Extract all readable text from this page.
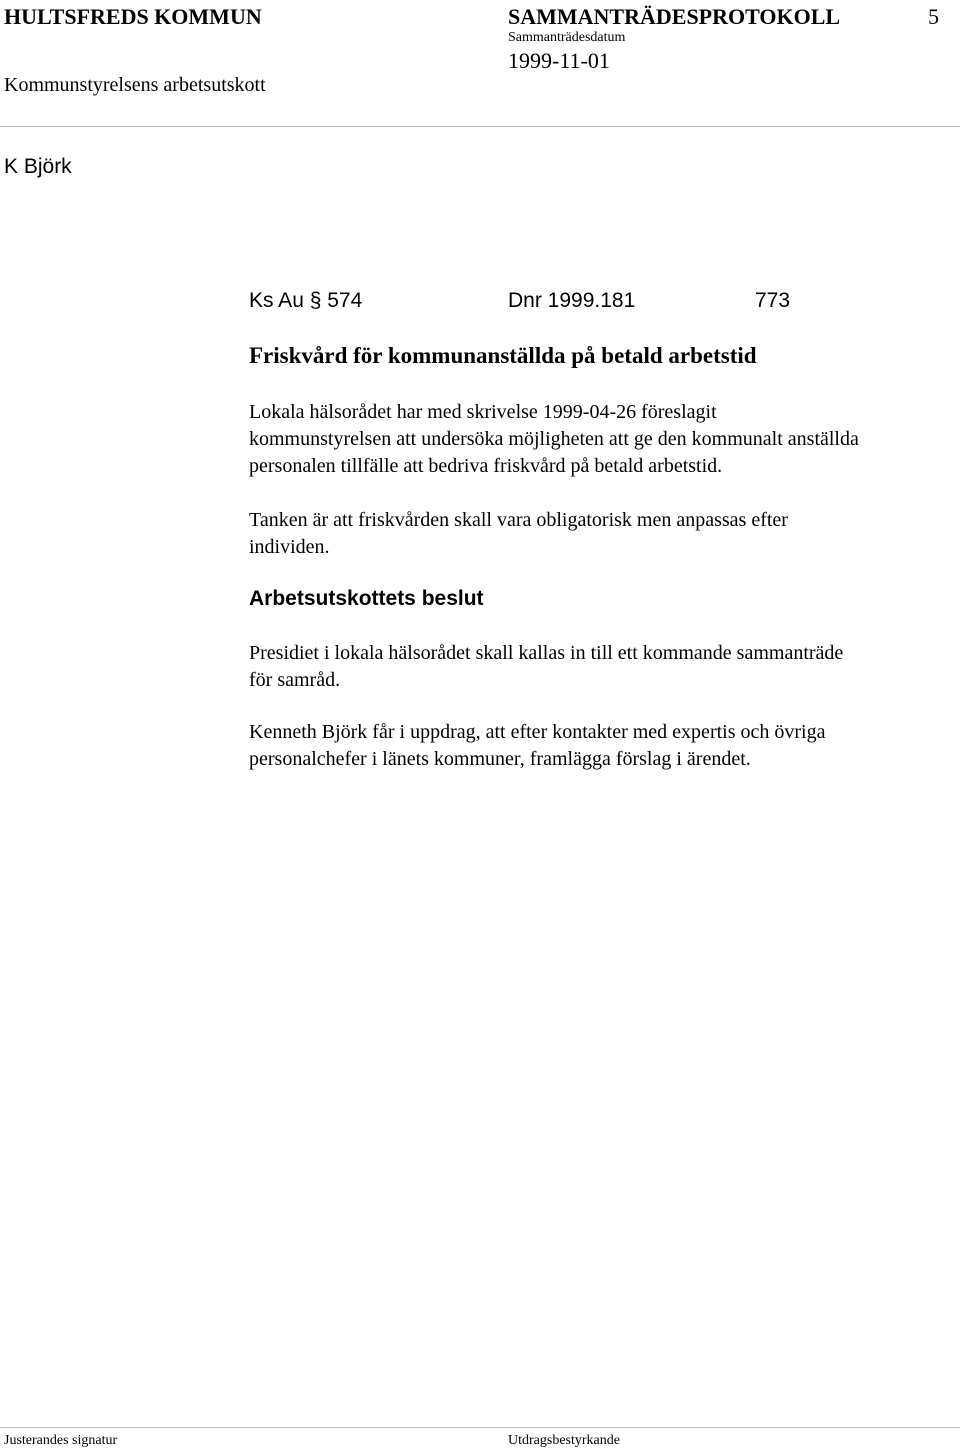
HULTSFREDS KOMMUN	SAMMANTRÄDESPROTOKOLL	5
Sammanträdesdatum
1999-11-01
Kommunstyrelsens arbetsutskott
K Björk
Ks Au § 574	Dnr 1999.181	773
Friskvård för kommunanställda på betald arbetstid
Lokala hälsorådet har med skrivelse 1999-04-26 föreslagit
kommunstyrelsen att undersöka möjligheten att ge den kommunalt anställda
personalen tillfälle att bedriva friskvård på betald arbetstid.
Tanken är att friskvården skall vara obligatorisk men anpassas efter
individen.
Arbetsutskottets beslut
Presidiet i lokala hälsorådet skall kallas in till ett kommande sammanträde
för samråd.
Kenneth Björk får i uppdrag, att efter kontakter med expertis och övriga
personalchefer i länets kommuner, framlägga förslag i ärendet.
Justerandes signatur	Utdragsbestyrkande
